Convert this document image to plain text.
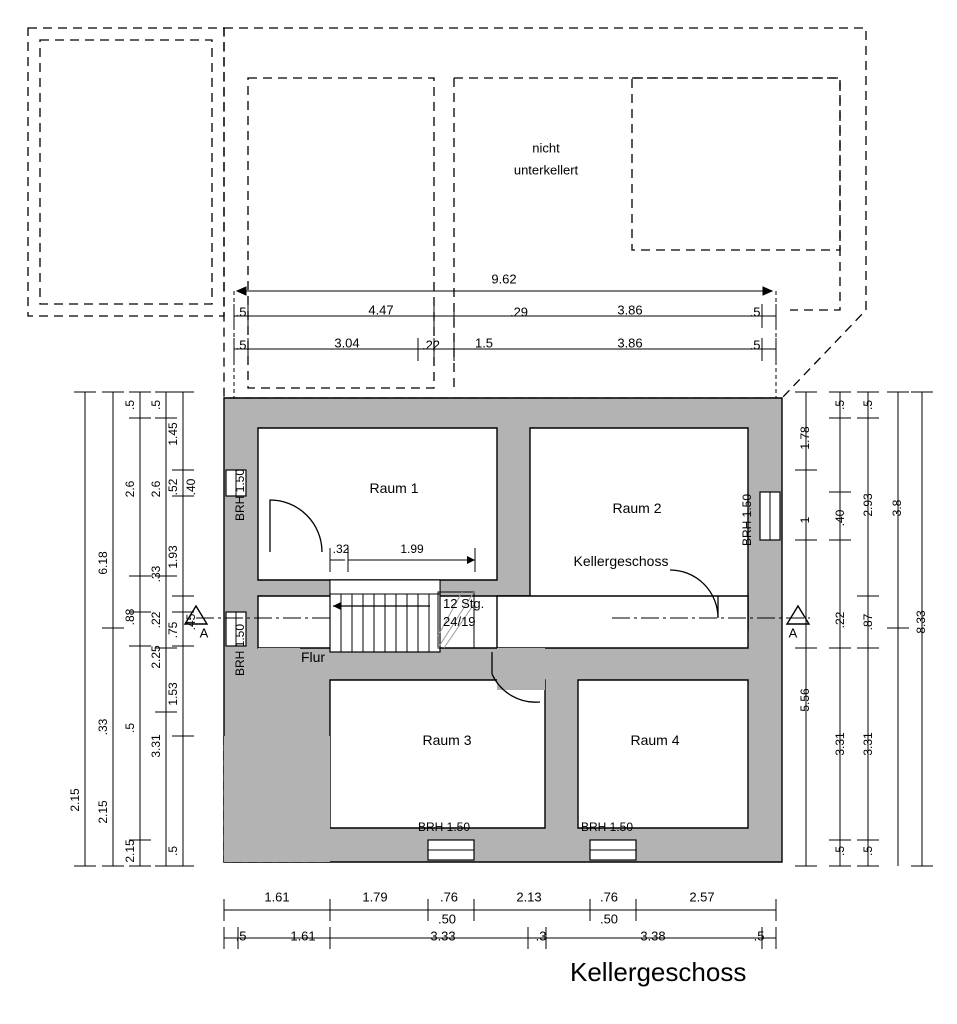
nicht
unterkellert
9.62
.5	4.47	.29	3.86	.5
.5	3.04	.22	1.5	3.86	.5
Raum 1
Raum 2
Kellergeschoss
Flur
Raum 3	Raum 4
12 Stg.
24/19
.32	1.99
A	A
BRH 1.50
BRH 1.50
BRH 1.50
BRH 1.50	BRH 1.50
1.61	1.79	.76	2.13	.76	2.57
.50	.50
.5	1.61	3.33	.3	3.38	.5
2.15
6.18
.33
2.15
.5
2.6
.88
.5
2.15
.5
2.6
.33
2.25
3.31
1.45
.52
1.93
.22
.75
1.53
.5
.40
.45
1.78
1
5.56
.5
.40
.22
3.31
.5
.5
2.93
.87
3.31
.5
3.8
8.33
Kellergeschoss
